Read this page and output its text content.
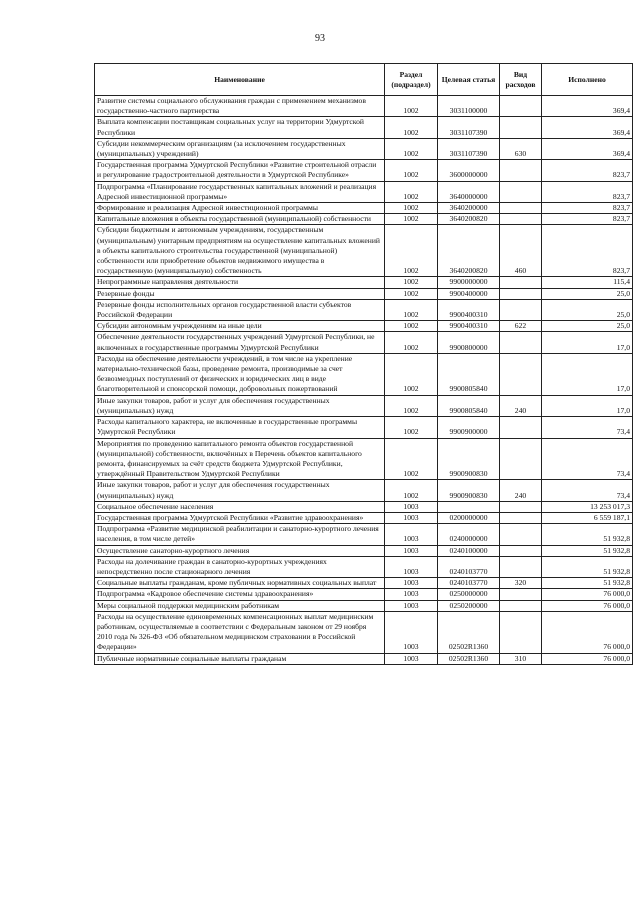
93
Наименование	Раздел (подраздел)	Целевая статья	Вид расходов	Исполнено
Развитие системы социального обслуживания граждан с применением механизмов государственно-частного партнерства	1002	3031100000		369,4
Выплата компенсации поставщикам социальных услуг на территории Удмуртской Республики	1002	3031107390		369,4
Субсидии некоммерческим организациям (за исключением государственных (муниципальных) учреждений)	1002	3031107390	630	369,4
Государственная программа Удмуртской Республики «Развитие строительной отрасли и регулирование градостроительной деятельности в Удмуртской Республике»	1002	3600000000		823,7
Подпрограмма «Планирование государственных капитальных вложений и реализация Адресной инвестиционной программы»	1002	3640000000		823,7
Формирование и реализация Адресной инвестиционной программы	1002	3640200000		823,7
Капитальные вложения в объекты государственной (муниципальной) собственности	1002	3640200820		823,7
Субсидии бюджетным и автономным учреждениям, государственным (муниципальным) унитарным предприятиям на осуществление капитальных вложений в объекты капитального строительства государственной (муниципальной) собственности или приобретение объектов недвижимого имущества в государственную (муниципальную) собственность	1002	3640200820	460	823,7
Непрограммные направления деятельности	1002	9900000000		115,4
Резервные фонды	1002	9900400000		25,0
Резервные фонды исполнительных органов государственной власти субъектов Российской Федерации	1002	9900400310		25,0
Субсидии автономным учреждениям на иные цели	1002	9900400310	622	25,0
Обеспечение деятельности государственных учреждений Удмуртской Республики, не включенных в государственные программы Удмуртской Республики	1002	9900800000		17,0
Расходы на обеспечение деятельности учреждений, в том числе на укрепление материально-технической базы, проведение ремонта, производимые за счет безвозмездных поступлений от физических и юридических лиц в виде благотворительной и спонсорской помощи, добровольных пожертвований	1002	9900805840		17,0
Иные закупки товаров, работ и услуг для обеспечения государственных (муниципальных) нужд	1002	9900805840	240	17,0
Расходы капитального характера, не включенные в государственные программы Удмуртской Республики	1002	9900900000		73,4
Мероприятия по проведению капитального ремонта объектов государственной (муниципальной) собственности, включённых в Перечень объектов капитального ремонта, финансируемых за счёт средств бюджета Удмуртской Республики, утверждённый Правительством Удмуртской Республики	1002	9900900830		73,4
Иные закупки товаров, работ и услуг для обеспечения государственных (муниципальных) нужд	1002	9900900830	240	73,4
Социальное обеспечение населения	1003			13 253 017,3
Государственная программа Удмуртской Республики «Развитие здравоохранения»	1003	0200000000		6 559 187,1
Подпрограмма «Развитие медицинской реабилитации и санаторно-курортного лечения населения, в том числе детей»	1003	0240000000		51 932,8
Осуществление санаторно-курортного лечения	1003	0240100000		51 932,8
Расходы на долечивание граждан в санаторно-курортных учреждениях непосредственно после стационарного лечения	1003	0240103770		51 932,8
Социальные выплаты гражданам, кроме публичных нормативных социальных выплат	1003	0240103770	320	51 932,8
Подпрограмма «Кадровое обеспечение системы здравоохранения»	1003	0250000000		76 000,0
Меры социальной поддержки медицинским работникам	1003	0250200000		76 000,0
Расходы на осуществление единовременных компенсационных выплат медицинским работникам, осуществляемые в соответствии с Федеральным законом от 29 ноября 2010 года № 326-ФЗ «Об обязательном медицинском страховании в Российской Федерации»	1003	02502R1360		76 000,0
Публичные нормативные социальные выплаты гражданам	1003	02502R1360	310	76 000,0
